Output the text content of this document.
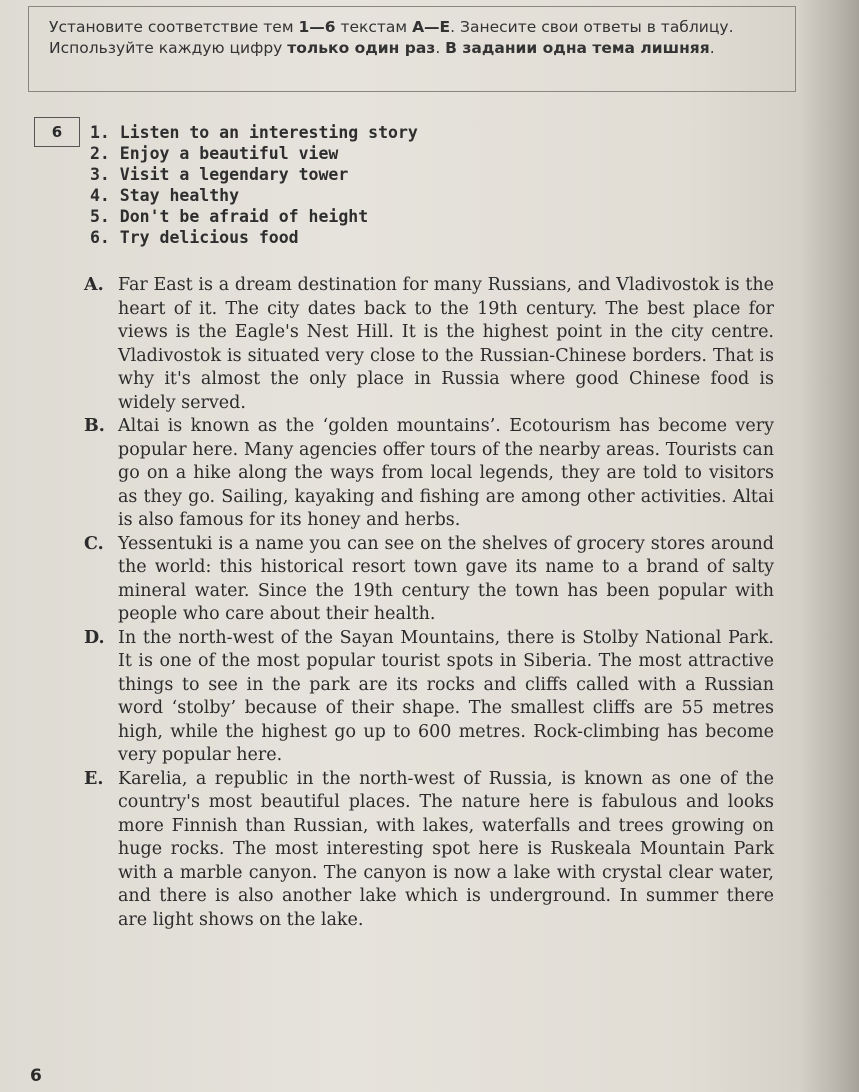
Установите соответствие тем 1—6 текстам А—Е. Занесите свои ответы в таблицу. Используйте каждую цифру только один раз. В задании одна тема лишняя.
6	1. Listen to an interesting story
2. Enjoy a beautiful view
3. Visit a legendary tower
4. Stay healthy
5. Don't be afraid of height
6. Try delicious food
A. Far East is a dream destination for many Russians, and Vladivostok is the heart of it. The city dates back to the 19th century. The best place for views is the Eagle's Nest Hill. It is the highest point in the city centre. Vladivostok is situated very close to the Russian-Chinese borders. That is why it's almost the only place in Russia where good Chinese food is widely served.
B. Altai is known as the ‘golden mountains’. Ecotourism has become very popular here. Many agencies offer tours of the nearby areas. Tourists can go on a hike along the ways from local legends, they are told to visitors as they go. Sailing, kayaking and fishing are among other activities. Altai is also famous for its honey and herbs.
C. Yessentuki is a name you can see on the shelves of grocery stores around the world: this historical resort town gave its name to a brand of salty mineral water. Since the 19th century the town has been popular with people who care about their health.
D. In the north-west of the Sayan Mountains, there is Stolby National Park. It is one of the most popular tourist spots in Siberia. The most attractive things to see in the park are its rocks and cliffs called with a Russian word ‘stolby’ because of their shape. The smallest cliffs are 55 metres high, while the highest go up to 600 metres. Rock-climbing has become very popular here.
E. Karelia, a republic in the north-west of Russia, is known as one of the country's most beautiful places. The nature here is fabulous and looks more Finnish than Russian, with lakes, waterfalls and trees growing on huge rocks. The most interesting spot here is Ruskeala Mountain Park with a marble canyon. The canyon is now a lake with crystal clear water, and there is also another lake which is underground. In summer there are light shows on the lake.
6
